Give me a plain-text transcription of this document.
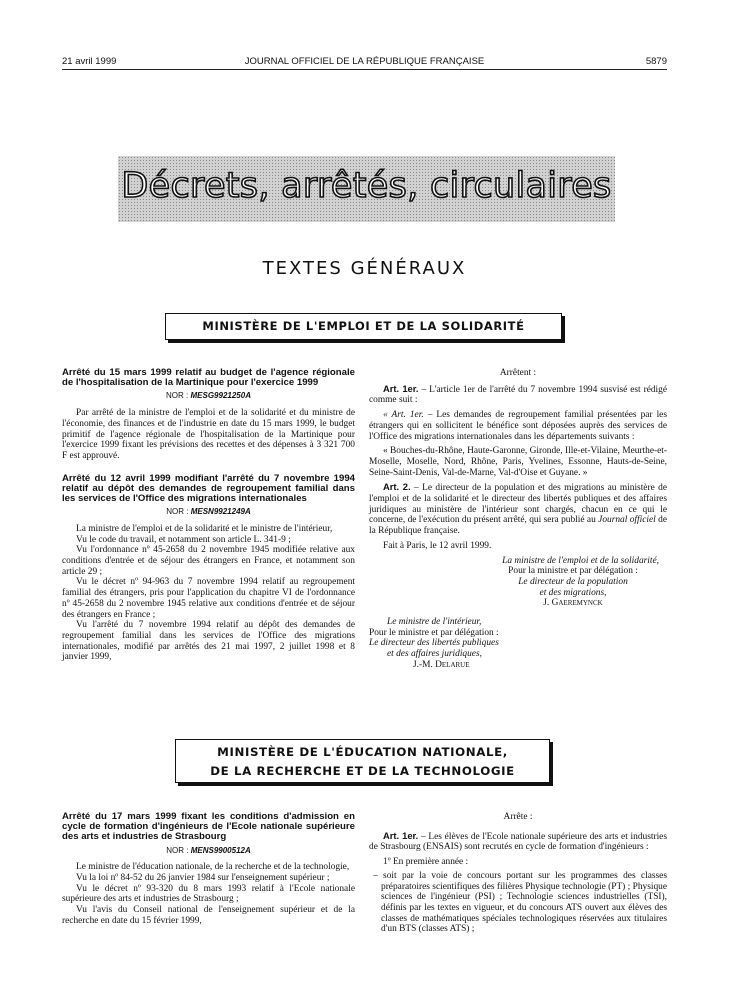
21 avril 1999	JOURNAL OFFICIEL DE LA RÉPUBLIQUE FRANÇAISE	5879
Décrets, arrêtés, circulaires
TEXTES GÉNÉRAUX
MINISTÈRE DE L'EMPLOI ET DE LA SOLIDARITÉ
Arrêté du 15 mars 1999 relatif au budget de l'agence régionale de l'hospitalisation de la Martinique pour l'exercice 1999
NOR : MESG9921250A

Par arrêté de la ministre de l'emploi et de la solidarité et du ministre de l'économie, des finances et de l'industrie en date du 15 mars 1999, le budget primitif de l'agence régionale de l'hospitalisation de la Martinique pour l'exercice 1999 fixant les prévisions des recettes et des dépenses à 3 321 700 F est approuvé.

Arrêté du 12 avril 1999 modifiant l'arrêté du 7 novembre 1994 relatif au dépôt des demandes de regroupement familial dans les services de l'Office des migrations internationales
NOR : MESN9921249A

La ministre de l'emploi et de la solidarité et le ministre de l'intérieur,

Vu le code du travail, et notamment son article L. 341-9 ;

Vu l'ordonnance nº 45-2658 du 2 novembre 1945 modifiée relative aux conditions d'entrée et de séjour des étrangers en France, et notamment son article 29 ;

Vu le décret nº 94-963 du 7 novembre 1994 relatif au regroupement familial des étrangers, pris pour l'application du chapitre VI de l'ordonnance nº 45-2658 du 2 novembre 1945 relative aux conditions d'entrée et de séjour des étrangers en France ;

Vu l'arrêté du 7 novembre 1994 relatif au dépôt des demandes de regroupement familial dans les services de l'Office des migrations internationales, modifié par arrêtés des 21 mai 1997, 2 juillet 1998 et 8 janvier 1999,

Arrêtent :

Art. 1er. – L'article 1er de l'arrêté du 7 novembre 1994 susvisé est rédigé comme suit :

« Art. 1er. – Les demandes de regroupement familial présentées par les étrangers qui en sollicitent le bénéfice sont déposées auprès des services de l'Office des migrations internationales dans les départements suivants :

« Bouches-du-Rhône, Haute-Garonne, Gironde, Ille-et-Vilaine, Meurthe-et-Moselle, Moselle, Nord, Rhône, Paris, Yvelines, Essonne, Hauts-de-Seine, Seine-Saint-Denis, Val-de-Marne, Val-d'Oise et Guyane. »

Art. 2. – Le directeur de la population et des migrations au ministère de l'emploi et de la solidarité et le directeur des libertés publiques et des affaires juridiques au ministère de l'intérieur sont chargés, chacun en ce qui le concerne, de l'exécution du présent arrêté, qui sera publié au Journal officiel de la République française.

Fait à Paris, le 12 avril 1999.

La ministre de l'emploi et de la solidarité,
Pour la ministre et par délégation :
Le directeur de la population
et des migrations,
J. Gaeremynck
Le ministre de l'intérieur,
Pour le ministre et par délégation :
Le directeur des libertés publiques
et des affaires juridiques,
J.-M. Delarue
MINISTÈRE DE L'ÉDUCATION NATIONALE,
DE LA RECHERCHE ET DE LA TECHNOLOGIE
Arrêté du 17 mars 1999 fixant les conditions d'admission en cycle de formation d'ingénieurs de l'Ecole nationale supérieure des arts et industries de Strasbourg
NOR : MENS9900512A

Le ministre de l'éducation nationale, de la recherche et de la technologie,

Vu la loi nº 84-52 du 26 janvier 1984 sur l'enseignement supérieur ;

Vu le décret nº 93-320 du 8 mars 1993 relatif à l'Ecole nationale supérieure des arts et industries de Strasbourg ;

Vu l'avis du Conseil national de l'enseignement supérieur et de la recherche en date du 15 février 1999,

Arrête :

Art. 1er. – Les élèves de l'Ecole nationale supérieure des arts et industries de Strasbourg (ENSAIS) sont recrutés en cycle de formation d'ingénieurs :

1º En première année :

– soit par la voie de concours portant sur les programmes des classes préparatoires scientifiques des filières Physique technologie (PT) ; Physique sciences de l'ingénieur (PSI) ; Technologie sciences industrielles (TSI), définis par les textes en vigueur, et du concours ATS ouvert aux élèves des classes de mathématiques spéciales technologiques réservées aux titulaires d'un BTS (classes ATS) ;
